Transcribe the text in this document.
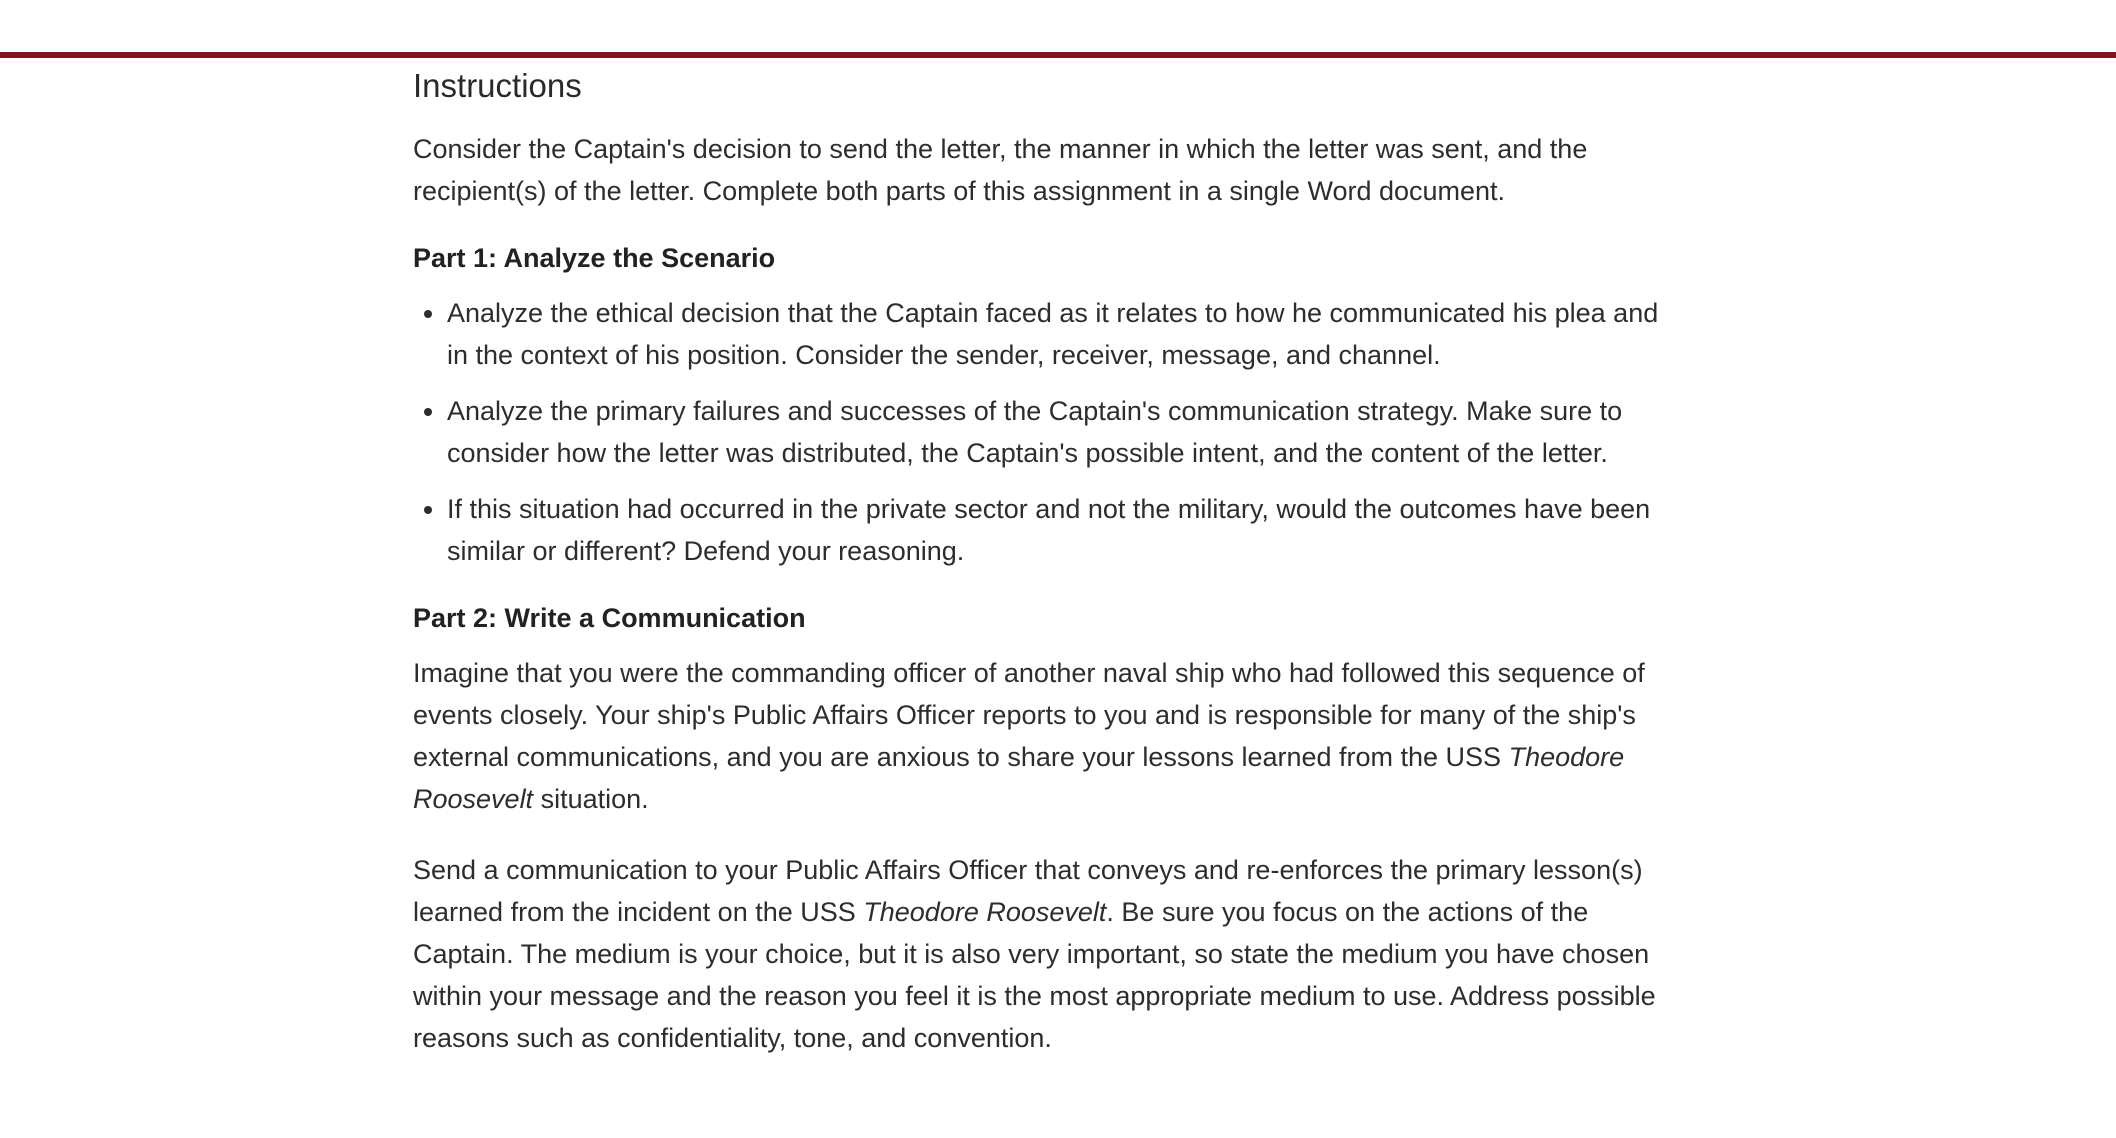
Instructions

Consider the Captain's decision to send the letter, the manner in which the letter was sent, and the recipient(s) of the letter. Complete both parts of this assignment in a single Word document.

Part 1: Analyze the Scenario
• Analyze the ethical decision that the Captain faced as it relates to how he communicated his plea and in the context of his position. Consider the sender, receiver, message, and channel.
• Analyze the primary failures and successes of the Captain's communication strategy. Make sure to consider how the letter was distributed, the Captain's possible intent, and the content of the letter.
• If this situation had occurred in the private sector and not the military, would the outcomes have been similar or different? Defend your reasoning.
Part 2: Write a Communication

Imagine that you were the commanding officer of another naval ship who had followed this sequence of events closely. Your ship's Public Affairs Officer reports to you and is responsible for many of the ship's external communications, and you are anxious to share your lessons learned from the USS Theodore Roosevelt situation.

Send a communication to your Public Affairs Officer that conveys and re-enforces the primary lesson(s) learned from the incident on the USS Theodore Roosevelt. Be sure you focus on the actions of the Captain. The medium is your choice, but it is also very important, so state the medium you have chosen within your message and the reason you feel it is the most appropriate medium to use. Address possible reasons such as confidentiality, tone, and convention.
